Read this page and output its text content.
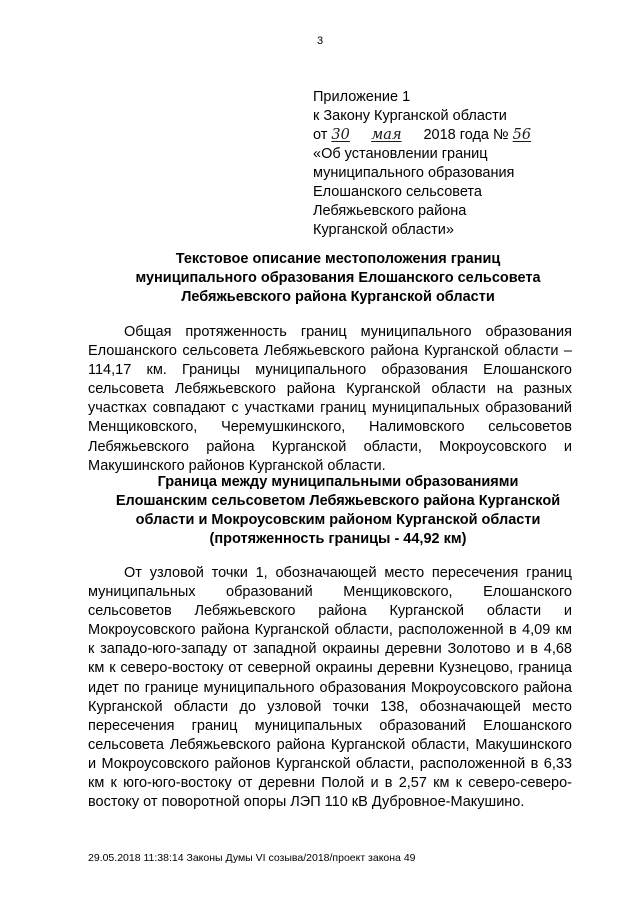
3
Приложение 1
к Закону Курганской области
от 30 мая 2018 года № 56
«Об установлении границ
муниципального образования
Елошанского сельсовета
Лебяжьевского района
Курганской области»
Текстовое описание местоположения границ
муниципального образования Елошанского сельсовета
Лебяжьевского района Курганской области

Общая протяженность границ муниципального образования Елошанского сельсовета Лебяжьевского района Курганской области – 114,17 км. Границы муниципального образования Елошанского сельсовета Лебяжьевского района Курганской области на разных участках совпадают с участками границ муниципальных образований Менщиковского, Черемушкинского, Налимовского сельсоветов Лебяжьевского района Курганской области, Мокроусовского и Макушинского районов Курганской области.

Граница между муниципальными образованиями
Елошанским сельсоветом Лебяжьевского района Курганской
области и Мокроусовским районом Курганской области
(протяженность границы - 44,92 км)

От узловой точки 1, обозначающей место пересечения границ муниципальных образований Менщиковского, Елошанского сельсоветов Лебяжьевского района Курганской области и Мокроусовского района Курганской области, расположенной в 4,09 км к западо-юго-западу от западной окраины деревни Золотово и в 4,68 км к северо-востоку от северной окраины деревни Кузнецово, граница идет по границе муниципального образования Мокроусовского района Курганской области до узловой точки 138, обозначающей место пересечения границ муниципальных образований Елошанского сельсовета Лебяжьевского района Курганской области, Макушинского и Мокроусовского районов Курганской области, расположенной в 6,33 км к юго-юго-востоку от деревни Полой и в 2,57 км к северо-северо-востоку от поворотной опоры ЛЭП 110 кВ Дубровное-Макушино.

29.05.2018 11:38:14 Законы Думы VI созыва/2018/проект закона 49
